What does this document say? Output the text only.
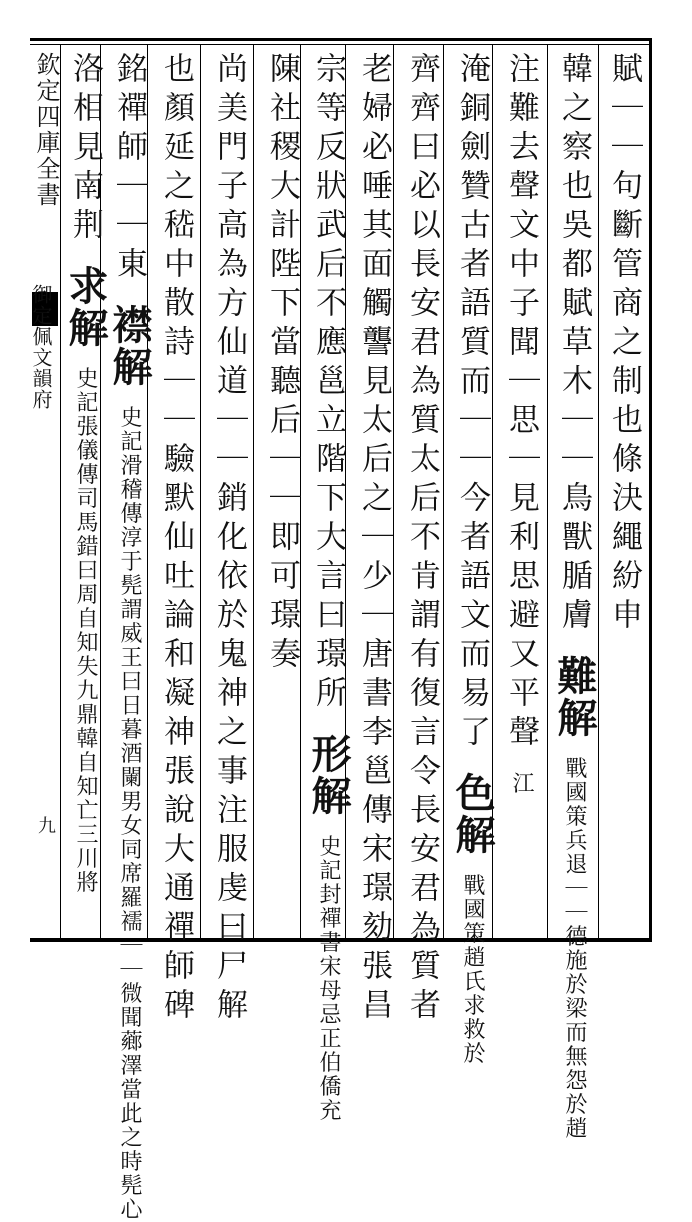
欽定四庫全書
九
御定佩文韻府	賦｜｜句斷管商之制也條決繩紛申
韓之察也吳都賦草木｜｜鳥獸腯膚 難解 戰國策兵退｜｜德施於梁而無怨於趙
注難去聲文中子聞｜思｜見利思避又平聲 江
淹銅劍贊古者語質而｜｜今者語文而易了 色解 戰國策趙氏求救於
齊齊曰必以長安君為質太后不肯謂有復言令長安君為質者
老婦必唾其面觸讋見太后之｜少｜唐書李邕傳宋璟劾張昌
宗等反狀武后不應邕立階下大言曰璟所 形解 史記封禪書宋母忌正伯僑充
陳社稷大計陛下當聽后｜｜即可璟奏
尚美門子高為方仙道｜｜銷化依於鬼神之事注服虔曰尸解
也顏延之嵇中散詩｜｜驗默仙吐論和凝神張說大通禪師碑
銘禪師｜｜東 襟解 史記滑稽傳淳于髡謂威王曰日暮酒闌男女同席羅襦｜｜微聞薌澤當此之時髡心
洛相見南荆 求解 史記張儀傳司馬錯曰周自知失九鼎韓自知亡三川將
